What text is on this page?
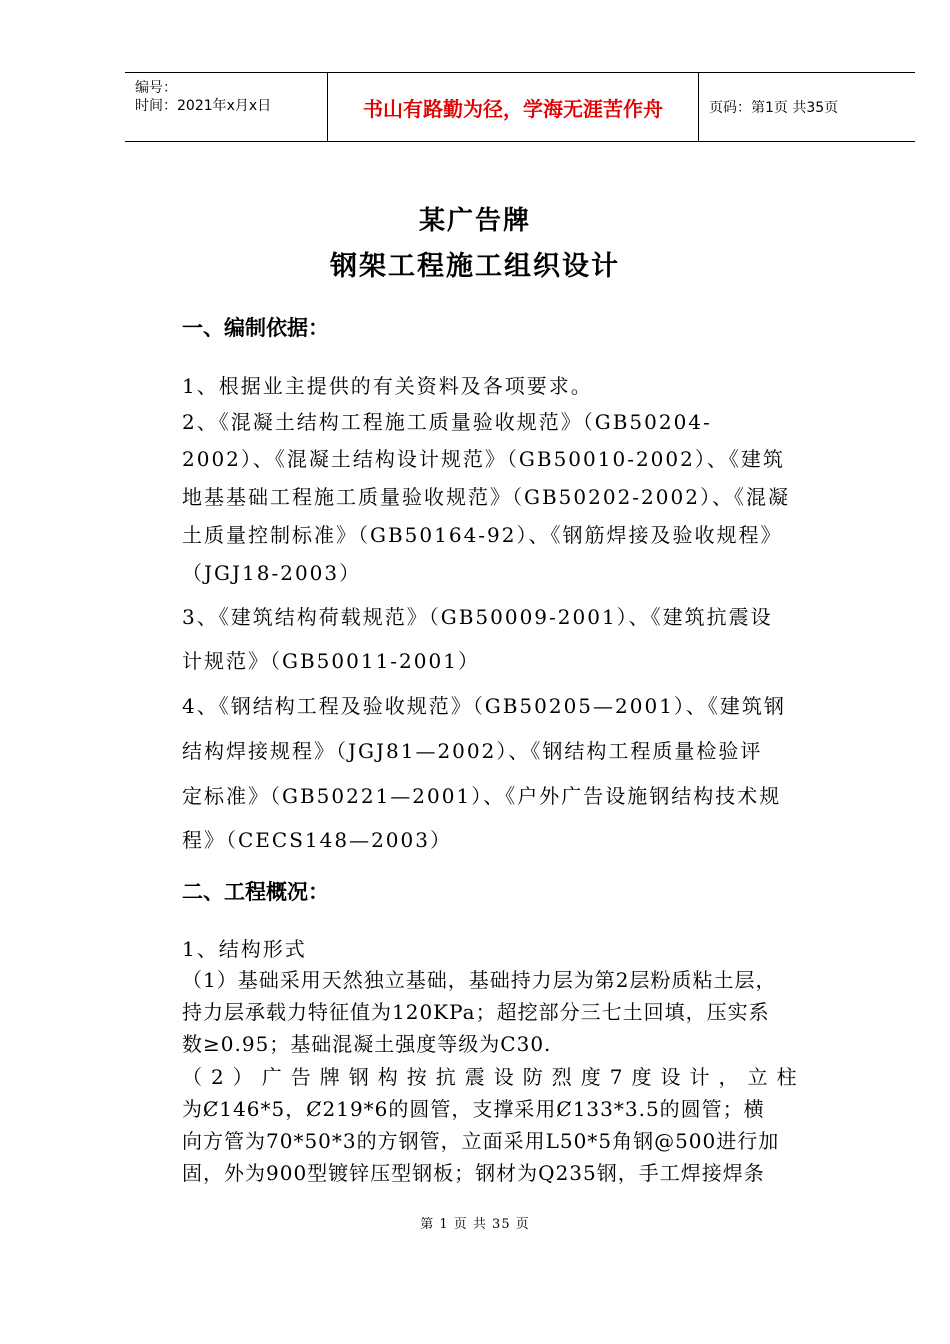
编号：
时间：2021年x月x日	书山有路勤为径，学海无涯苦作舟	页码：第1页 共35页
某广告牌
钢架工程施工组织设计
一、编制依据：
1、根据业主提供的有关资料及各项要求。
2、《混凝土结构工程施工质量验收规范》（GB50204-
2002）、《混凝土结构设计规范》（GB50010-2002）、《建筑
地基基础工程施工质量验收规范》（GB50202-2002）、《混凝
土质量控制标准》（GB50164-92）、《钢筋焊接及验收规程》
（JGJ18-2003）
3、《建筑结构荷载规范》（GB50009-2001）、《建筑抗震设
计规范》（GB50011-2001）
4、《钢结构工程及验收规范》（GB50205—2001）、《建筑钢
结构焊接规程》（JGJ81—2002）、《钢结构工程质量检验评
定标准》（GB50221—2001）、《户外广告设施钢结构技术规
程》（CECS148—2003）
二、工程概况：
1、结构形式
（1）基础采用天然独立基础，基础持力层为第2层粉质粘土层，
持力层承载力特征值为120KPa；超挖部分三七土回填，压实系
数≥0.95；基础混凝土强度等级为C30.
（2）广告牌钢构按抗震设防烈度7度设计，立柱
为Ȼ146*5，Ȼ219*6的圆管，支撑采用Ȼ133*3.5的圆管；横
向方管为70*50*3的方钢管，立面采用L50*5角钢@500进行加
固，外为900型镀锌压型钢板；钢材为Q235钢，手工焊接焊条
第 1 页 共 35 页
